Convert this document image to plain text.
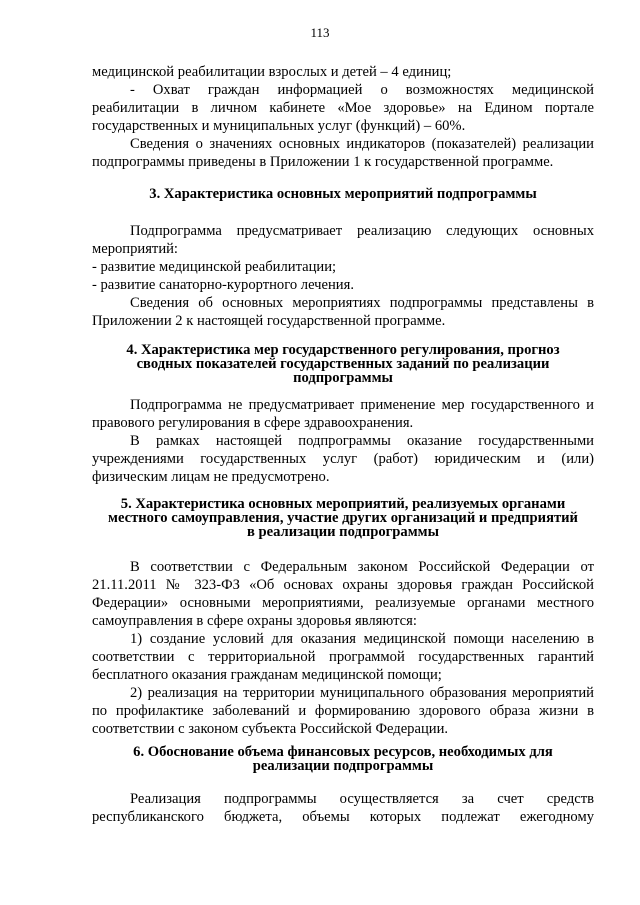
113

медицинской реабилитации взрослых и детей – 4 единиц;

- Охват граждан информацией о возможностях медицинской реабилитации в личном кабинете «Мое здоровье» на Едином портале государственных и муниципальных услуг (функций) – 60%.

Сведения о значениях основных индикаторов (показателей) реализации подпрограммы приведены в Приложении 1 к государственной программе.

3. Характеристика основных мероприятий подпрограммы

Подпрограмма предусматривает реализацию следующих основных мероприятий:

- развитие медицинской реабилитации;

- развитие санаторно-курортного лечения.

Сведения об основных мероприятиях подпрограммы представлены в Приложении 2 к настоящей государственной программе.

4. Характеристика мер государственного регулирования, прогноз
сводных показателей государственных заданий по реализации
подпрограммы

Подпрограмма не предусматривает применение мер государственного и правового регулирования в сфере здравоохранения.

В рамках настоящей подпрограммы оказание государственными учреждениями государственных услуг (работ) юридическим и (или) физическим лицам не предусмотрено.

5. Характеристика основных мероприятий, реализуемых органами
местного самоуправления, участие других организаций и предприятий
в реализации подпрограммы

В соответствии с Федеральным законом Российской Федерации от 21.11.2011 № 323-ФЗ «Об основах охраны здоровья граждан Российской Федерации» основными мероприятиями, реализуемые органами местного самоуправления в сфере охраны здоровья являются:

1) создание условий для оказания медицинской помощи населению в соответствии с территориальной программой государственных гарантий бесплатного оказания гражданам медицинской помощи;

2) реализация на территории муниципального образования мероприятий по профилактике заболеваний и формированию здорового образа жизни в соответствии с законом субъекта Российской Федерации.

6. Обоснование объема финансовых ресурсов, необходимых для
реализации подпрограммы

Реализация подпрограммы осуществляется за счет средств республиканского бюджета, объемы которых подлежат ежегодному
